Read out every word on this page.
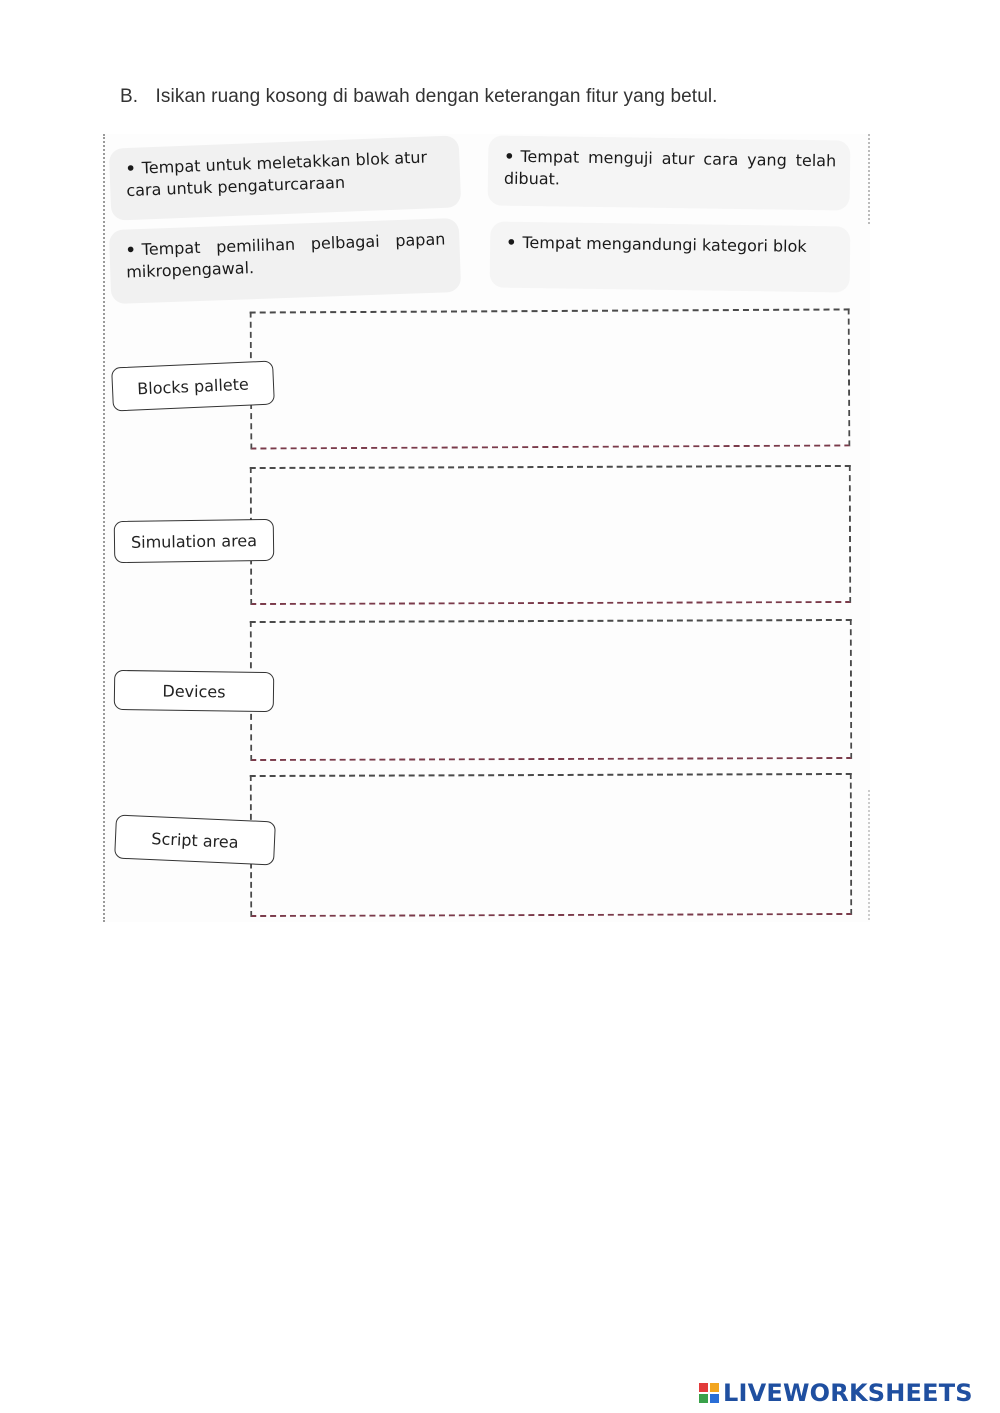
B. Isikan ruang kosong di bawah dengan keterangan fitur yang betul.
• Tempat untuk meletakkan blok atur cara untuk pengaturcaraan
• Tempat menguji atur cara yang telah dibuat.
• Tempat pemilihan pelbagai papan mikropengawal.
• Tempat mengandungi kategori blok
Blocks pallete
Simulation area
Devices
Script area
LIVEWORKSHEETS
